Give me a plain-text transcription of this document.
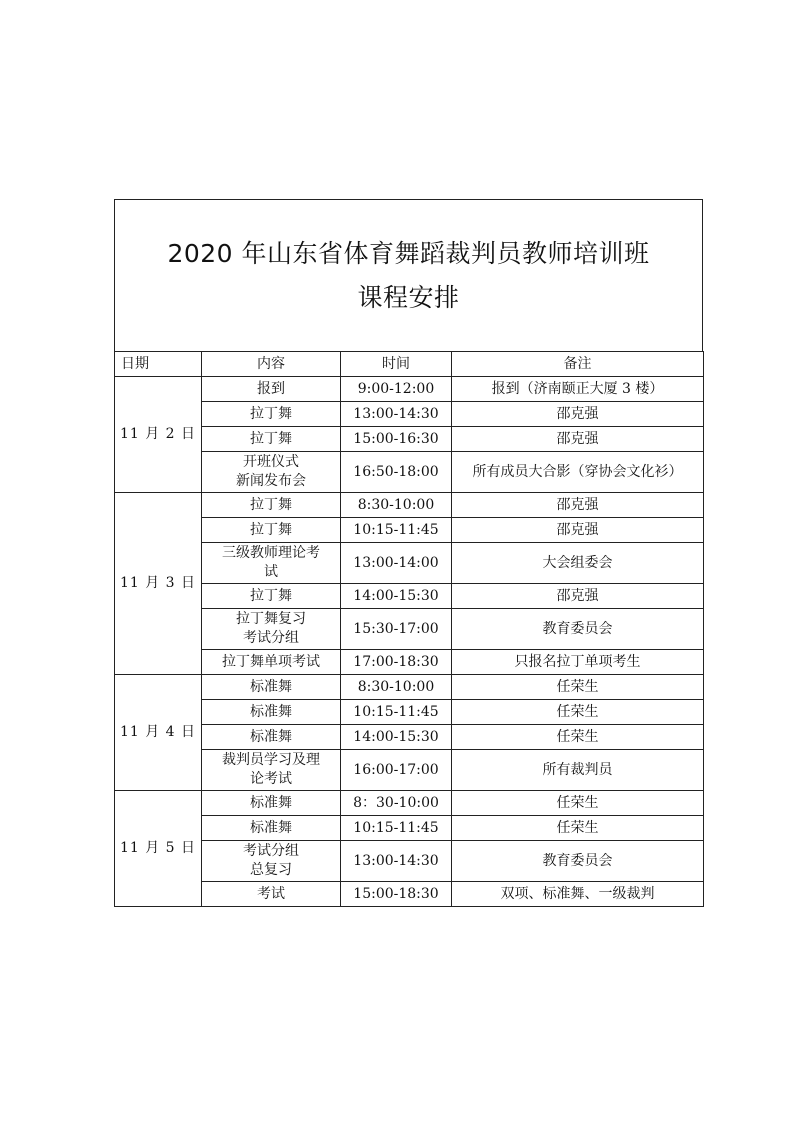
2020 年山东省体育舞蹈裁判员教师培训班
课程安排
日期	内容	时间	备注
11 月 2 日	报到	9:00-12:00	报到（济南颐正大厦 3 楼）

	拉丁舞	13:00-14:30	邵克强

	拉丁舞	15:00-16:30	邵克强

	开班仪式
新闻发布会	16:50-18:00	所有成员大合影（穿协会文化衫）
11 月 3 日	拉丁舞	8:30-10:00	邵克强

	拉丁舞	10:15-11:45	邵克强

	三级教师理论考
试	13:00-14:00	大会组委会

	拉丁舞	14:00-15:30	邵克强

	拉丁舞复习
考试分组	15:30-17:00	教育委员会

	拉丁舞单项考试	17:00-18:30	只报名拉丁单项考生
11 月 4 日	标准舞	8:30-10:00	任荣生

	标准舞	10:15-11:45	任荣生

	标准舞	14:00-15:30	任荣生

	裁判员学习及理
论考试	16:00-17:00	所有裁判员
11 月 5 日	标准舞	8：30-10:00	任荣生

	标准舞	10:15-11:45	任荣生

	考试分组
总复习	13:00-14:30	教育委员会

	考试	15:00-18:30	双项、标准舞、一级裁判
